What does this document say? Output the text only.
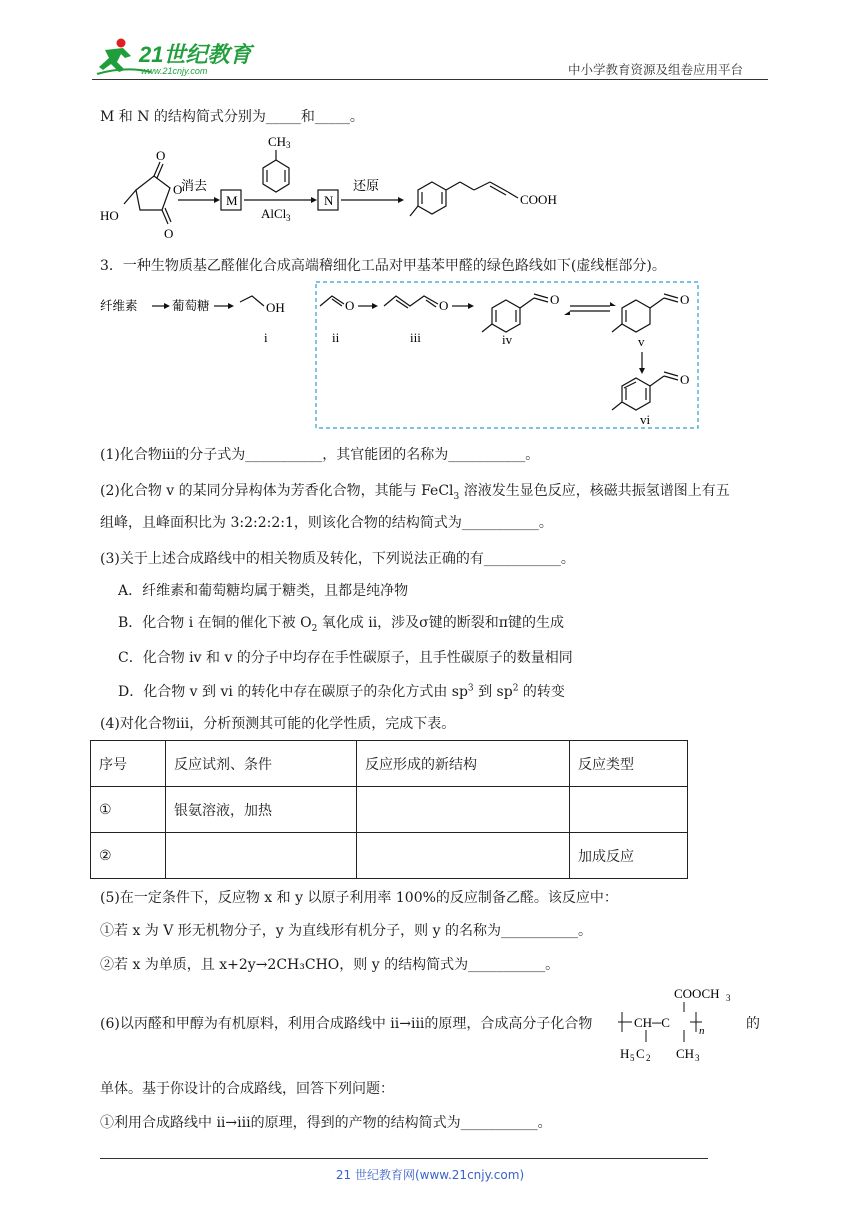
21世纪教育
www.21cnjy.com	中小学教育资源及组卷应用平台
M 和 N 的结构简式分别为_____和_____。
O
O
O
HO
消去
M
CH 3
AlCl 3
N
还原
COOH
3．一种生物质基乙醛催化合成高端稽细化工品对甲基苯甲醛的绿色路线如下(虚线框部分)。
纤维素	葡萄糖	OH
i
O
ii
O
iii
O
iv
O
v
O
vi
(1)化合物iii的分子式为___________，其官能团的名称为___________。
(2)化合物 v 的某同分异构体为芳香化合物，其能与 FeCl$_3$ 溶液发生显色反应，核磁共振氢谱图上有五
组峰，且峰面积比为 3:2:2:2:1，则该化合物的结构简式为___________。
(3)关于上述合成路线中的相关物质及转化，下列说法正确的有___________。
A．纤维素和葡萄糖均属于糖类，且都是纯净物
B．化合物 i 在铜的催化下被 $O_2$ 氧化成 ii，涉及σ键的断裂和π键的生成
C．化合物 iv 和 v 的分子中均存在手性碳原子，且手性碳原子的数量相同
D．化合物 v 到 vi 的转化中存在碳原子的杂化方式由 $sp^3$ 到 $sp^2$ 的转变
(4)对化合物iii，分析预测其可能的化学性质，完成下表。
序号	反应试剂、条件	反应形成的新结构	反应类型
①	银氨溶液，加热		
②			加成反应
(5)在一定条件下，反应物 x 和 y 以原子利用率 100%的反应制备乙醛。该反应中：
①若 x 为 V 形无机物分子，y 为直线形有机分子，则 y 的名称为___________。
②若 x 为单质，且 x+2y→2CH₃CHO，则 y 的结构简式为___________。
(6)以丙醛和甲醇为有机原料，利用合成路线中 ii→iii的原理，合成高分子化合物	的
COOCH 3
CH─C
n
H 5 C 2 CH 3
单体。基于你设计的合成路线，回答下列问题：
①利用合成路线中 ii→iii的原理，得到的产物的结构简式为___________。
21 世纪教育网(www.21cnjy.com)
